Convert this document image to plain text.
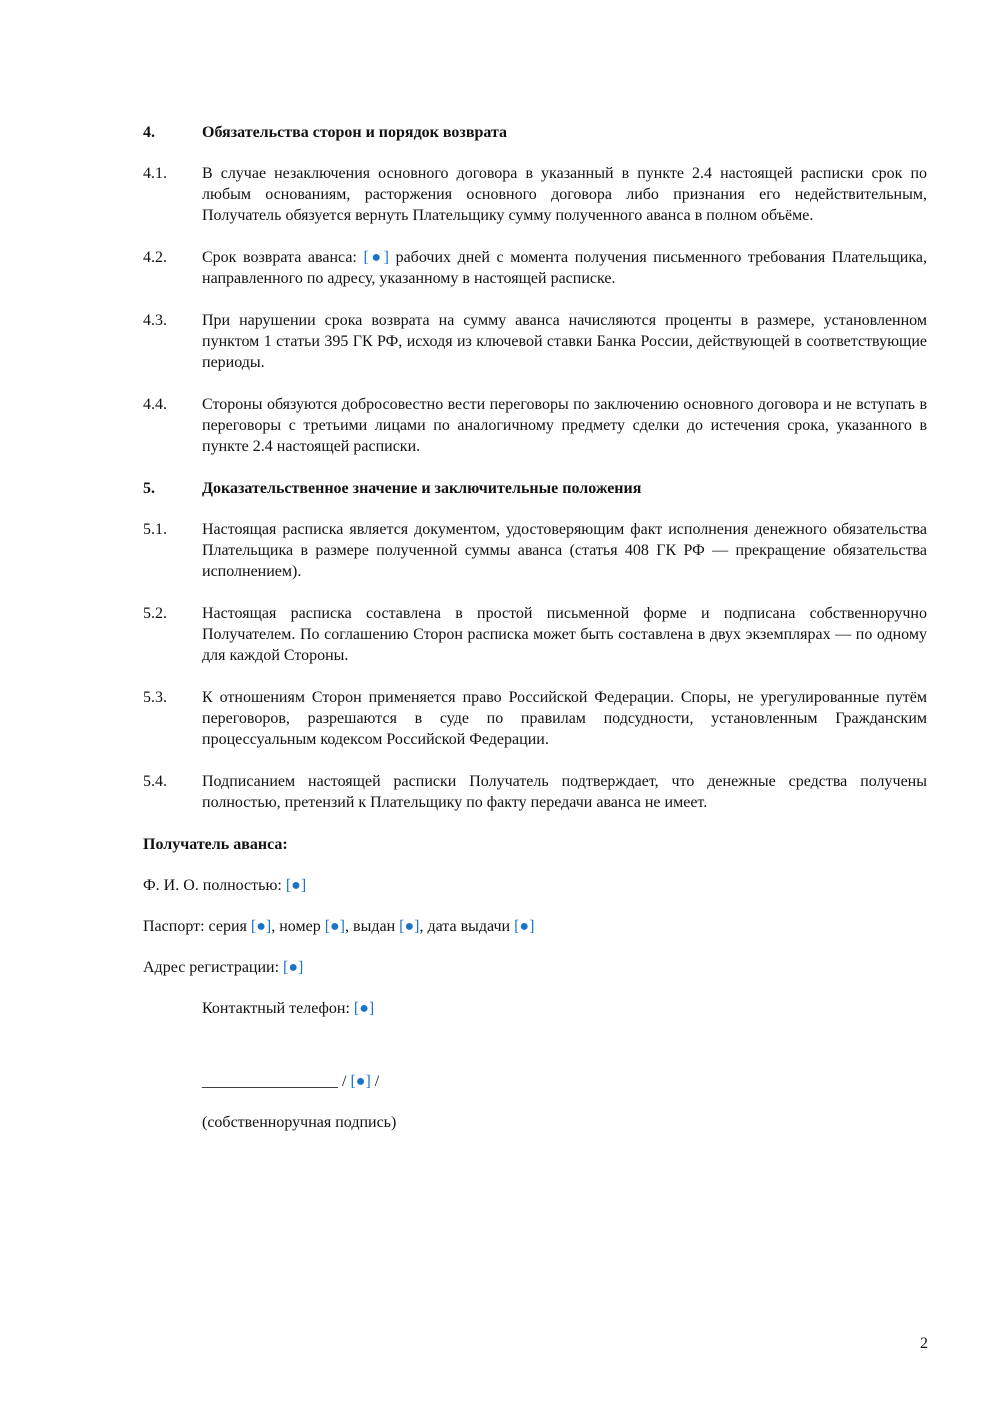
4.	Обязательства сторон и порядок возврата
4.1.	В случае незаключения основного договора в указанный в пункте 2.4 настоящей расписки срок по любым основаниям, расторжения основного договора либо признания его недействительным, Получатель обязуется вернуть Плательщику сумму полученного аванса в полном объёме.
4.2.	Срок возврата аванса: [●] рабочих дней с момента получения письменного требования Плательщика, направленного по адресу, указанному в настоящей расписке.
4.3.	При нарушении срока возврата на сумму аванса начисляются проценты в размере, установленном пунктом 1 статьи 395 ГК РФ, исходя из ключевой ставки Банка России, действующей в соответствующие периоды.
4.4.	Стороны обязуются добросовестно вести переговоры по заключению основного договора и не вступать в переговоры с третьими лицами по аналогичному предмету сделки до истечения срока, указанного в пункте 2.4 настоящей расписки.
5.	Доказательственное значение и заключительные положения
5.1.	Настоящая расписка является документом, удостоверяющим факт исполнения денежного обязательства Плательщика в размере полученной суммы аванса (статья 408 ГК РФ — прекращение обязательства исполнением).
5.2.	Настоящая расписка составлена в простой письменной форме и подписана собственноручно Получателем. По соглашению Сторон расписка может быть составлена в двух экземплярах — по одному для каждой Стороны.
5.3.	К отношениям Сторон применяется право Российской Федерации. Споры, не урегулированные путём переговоров, разрешаются в суде по правилам подсудности, установленным Гражданским процессуальным кодексом Российской Федерации.
5.4.	Подписанием настоящей расписки Получатель подтверждает, что денежные средства получены полностью, претензий к Плательщику по факту передачи аванса не имеет.
Получатель аванса:
Ф. И. О. полностью: [●]
Паспорт: серия [●], номер [●], выдан [●], дата выдачи [●]
Адрес регистрации: [●]
Контактный телефон: [●]
_________________ / [●] /
(собственноручная подпись)
2
